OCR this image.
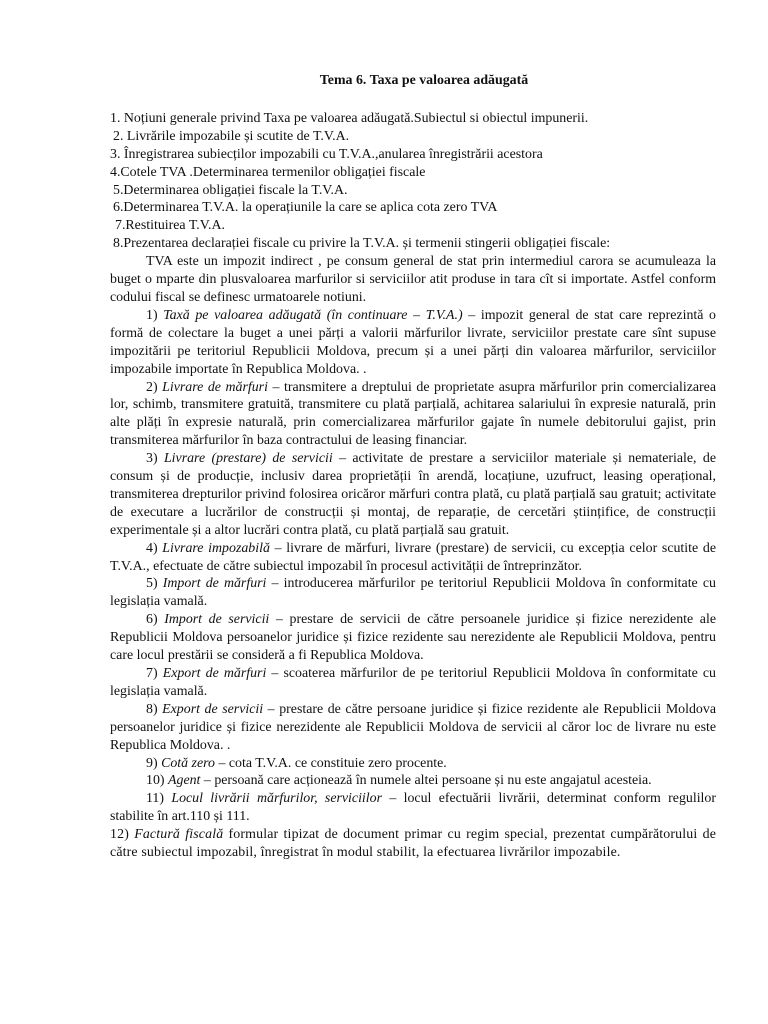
Tema 6. Taxa pe valoarea adăugată
1. Noțiuni generale privind Taxa pe valoarea adăugată.Subiectul si obiectul impunerii.
2. Livrările impozabile și scutite de T.V.A.
3. Înregistrarea subiecților impozabili cu T.V.A.,anularea înregistrării acestora
4.Cotele TVA .Determinarea termenilor obligației fiscale
5.Determinarea obligației fiscale la T.V.A.
6.Determinarea T.V.A. la operațiunile la care se aplica cota zero TVA
7.Restituirea T.V.A.
8.Prezentarea declarației fiscale cu privire la T.V.A. și termenii stingerii obligației fiscale:

TVA este un impozit indirect , pe consum general de stat prin intermediul carora se acumuleaza la buget o mparte din plusvaloarea marfurilor si serviciilor atit produse in tara cît si importate. Astfel conform codului fiscal se definesc urmatoarele notiuni.

1) Taxă pe valoarea adăugată (în continuare – T.V.A.) – impozit general de stat care reprezintă o formă de colectare la buget a unei părți a valorii mărfurilor livrate, serviciilor prestate care sînt supuse impozitării pe teritoriul Republicii Moldova, precum și a unei părți din valoarea mărfurilor, serviciilor impozabile importate în Republica Moldova. .

2) Livrare de mărfuri – transmitere a dreptului de proprietate asupra mărfurilor prin comercializarea lor, schimb, transmitere gratuită, transmitere cu plată parțială, achitarea salariului în expresie naturală, prin alte plăți în expresie naturală, prin comercializarea mărfurilor gajate în numele debitorului gajist, prin transmiterea mărfurilor în baza contractului de leasing financiar.

3) Livrare (prestare) de servicii – activitate de prestare a serviciilor materiale și nemateriale, de consum și de producție, inclusiv darea proprietății în arendă, locațiune, uzufruct, leasing operațional, transmiterea drepturilor privind folosirea oricăror mărfuri contra plată, cu plată parțială sau gratuit; activitate de executare a lucrărilor de construcții și montaj, de reparație, de cercetări științifice, de construcții experimentale și a altor lucrări contra plată, cu plată parțială sau gratuit.

4) Livrare impozabilă – livrare de mărfuri, livrare (prestare) de servicii, cu excepția celor scutite de T.V.A., efectuate de către subiectul impozabil în procesul activității de întreprinzător.

5) Import de mărfuri – introducerea mărfurilor pe teritoriul Republicii Moldova în conformitate cu legislația vamală.

6) Import de servicii – prestare de servicii de către persoanele juridice și fizice nerezidente ale Republicii Moldova persoanelor juridice și fizice rezidente sau nerezidente ale Republicii Moldova, pentru care locul prestării se consideră a fi Republica Moldova.

7) Export de mărfuri – scoaterea mărfurilor de pe teritoriul Republicii Moldova în conformitate cu legislația vamală.

8) Export de servicii – prestare de către persoane juridice și fizice rezidente ale Republicii Moldova persoanelor juridice și fizice nerezidente ale Republicii Moldova de servicii al căror loc de livrare nu este Republica Moldova. .

9) Cotă zero – cota T.V.A. ce constituie zero procente.

10) Agent – persoană care acționează în numele altei persoane și nu este angajatul acesteia.

11) Locul livrării mărfurilor, serviciilor – locul efectuării livrării, determinat conform regulilor stabilite în art.110 și 111.

12) Factură fiscală formular tipizat de document primar cu regim special, prezentat cumpărătorului de către subiectul impozabil, înregistrat în modul stabilit, la efectuarea livrărilor impozabile.
